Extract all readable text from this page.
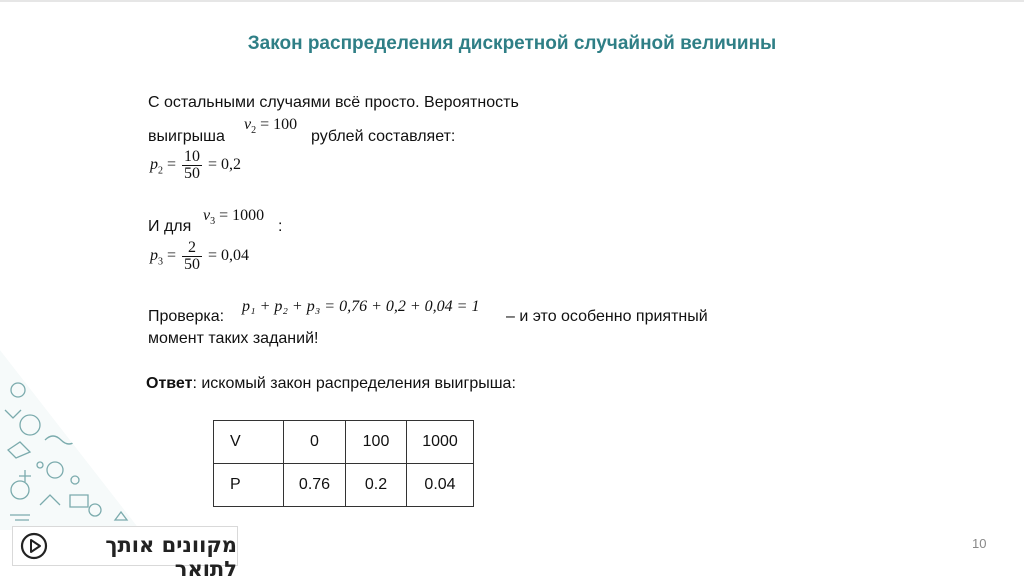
Закон распределения дискретной случайной величины
С остальными случаями всё просто. Вероятность
выигрыша
$v_2 = 100$
рублей составляет:
$p_2 = \frac{10}{50} = 0,2$
И для
$v_3 = 1000$
:
$p_3 = \frac{2}{50} = 0,04$
Проверка:
p₁ + p₂ + p₃ = 0,76 + 0,2 + 0,04 = 1
– и это особенно приятный
момент таких заданий!
Ответ: искомый закон распределения выигрыша:
V	0	100	1000
P	0.76	0.2	0.04
מקוונים אותך לתואר
10
